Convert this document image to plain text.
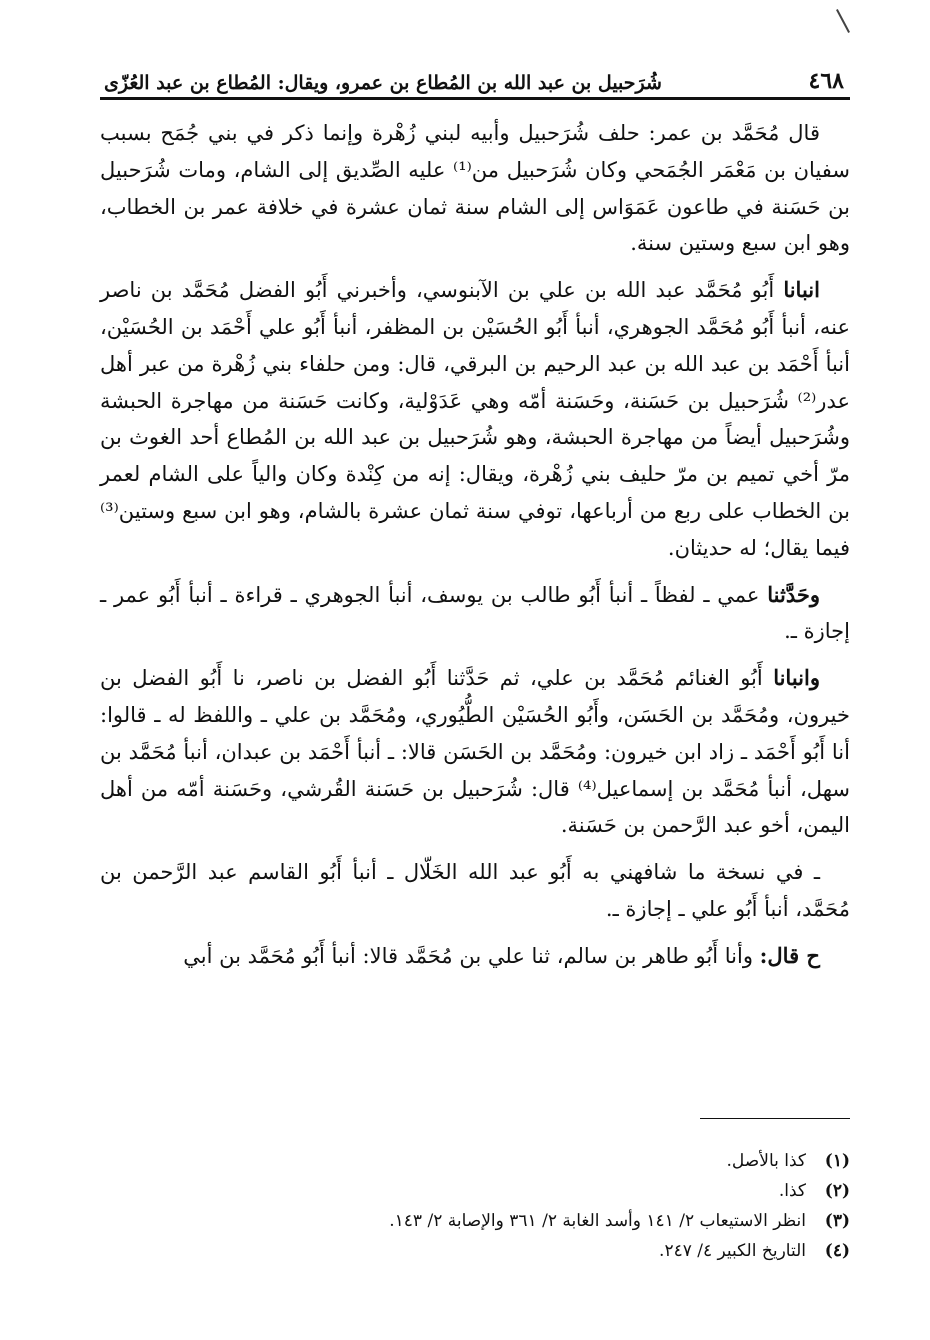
٤٦٨
شُرَحبيل بن عبد الله بن المُطاع بن عمرو، ويقال: المُطاع بن عبد العُزّى

قال مُحَمَّد بن عمر: حلف شُرَحبيل وأبيه لبني زُهْرة وإنما ذكر في بني جُمَح بسبب سفيان بن مَعْمَر الجُمَحي وكان شُرَحبيل من⁽¹⁾ عليه الصِّديق إلى الشام، ومات شُرَحبيل بن حَسَنة في طاعون عَمَوَاس إلى الشام سنة ثمان عشرة في خلافة عمر بن الخطاب، وهو ابن سبع وستين سنة.

انبانا أَبُو مُحَمَّد عبد الله بن علي بن الآبنوسي، وأخبرني أَبُو الفضل مُحَمَّد بن ناصر عنه، أنبأ أَبُو مُحَمَّد الجوهري، أنبأ أَبُو الحُسَيْن بن المظفر، أنبأ أَبُو علي أَحْمَد بن الحُسَيْن، أنبأ أَحْمَد بن عبد الله بن عبد الرحيم بن البرقي، قال: ومن حلفاء بني زُهْرة من عبر أهل عدر⁽²⁾ شُرَحبيل بن حَسَنة، وحَسَنة أمّه وهي عَدَوْلية، وكانت حَسَنة من مهاجرة الحبشة وشُرَحبيل أيضاً من مهاجرة الحبشة، وهو شُرَحبيل بن عبد الله بن المُطاع أحد الغوث بن مرّ أخي تميم بن مرّ حليف بني زُهْرة، ويقال: إنه من كِنْدة وكان والياً على الشام لعمر بن الخطاب على ربع من أرباعها، توفي سنة ثمان عشرة بالشام، وهو ابن سبع وستين⁽³⁾ فيما يقال؛ له حديثان.

وحَدَّثنا عمي ـ لفظاً ـ أنبأ أَبُو طالب بن يوسف، أنبأ الجوهري ـ قراءة ـ أنبأ أَبُو عمر ـ إجازة ـ.

وانبانا أَبُو الغنائم مُحَمَّد بن علي، ثم حَدَّثنا أَبُو الفضل بن ناصر، نا أَبُو الفضل بن خيرون، ومُحَمَّد بن الحَسَن، وأَبُو الحُسَيْن الطُّيُوري، ومُحَمَّد بن علي ـ واللفظ له ـ قالوا: أنا أَبُو أَحْمَد ـ زاد ابن خيرون: ومُحَمَّد بن الحَسَن قالا: ـ أنبأ أَحْمَد بن عبدان، أنبأ مُحَمَّد بن سهل، أنبأ مُحَمَّد بن إسماعيل⁽⁴⁾ قال: شُرَحبيل بن حَسَنة القُرشي، وحَسَنة أمّه من أهل اليمن، أخو عبد الرَّحمن بن حَسَنة.

ـ في نسخة ما شافهني به أَبُو عبد الله الخَلّال ـ أنبأ أَبُو القاسم عبد الرَّحمن بن مُحَمَّد، أنبأ أَبُو علي ـ إجازة ـ.

ح قال: وأنا أَبُو طاهر بن سالم، ثنا علي بن مُحَمَّد قالا: أنبأ أَبُو مُحَمَّد بن أبي

(١)
كذا بالأصل.
(٢)
كذا.
(٣)
انظر الاستيعاب ٢/ ١٤١ وأسد الغابة ٢/ ٣٦١ والإصابة ٢/ ١٤٣.
(٤)
التاريخ الكبير ٤/ ٢٤٧.
